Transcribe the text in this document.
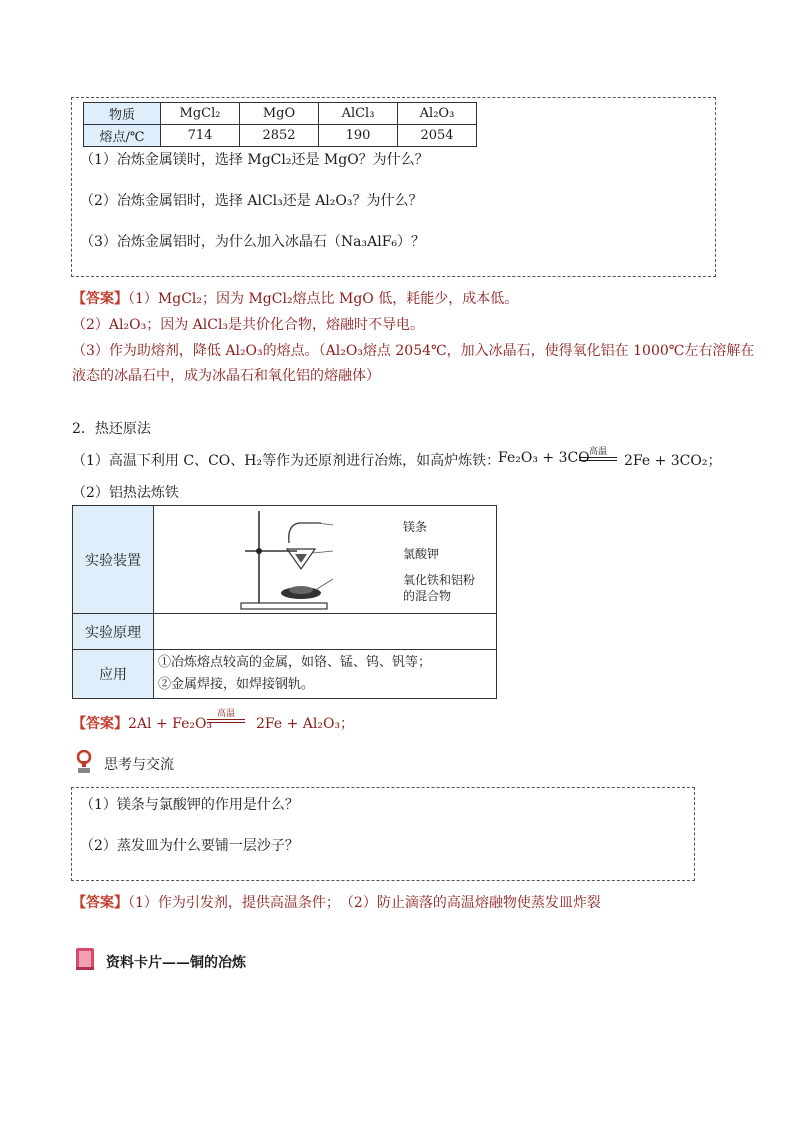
物质	MgCl₂	MgO	AlCl₃	Al₂O₃
熔点/℃	714	2852	190	2054
（1）冶炼金属镁时，选择 MgCl₂还是 MgO？为什么？
（2）冶炼金属铝时，选择 AlCl₃还是 Al₂O₃？为什么？
（3）冶炼金属铝时，为什么加入冰晶石（Na₃AlF₆）？
【答案】（1）MgCl₂；因为 MgCl₂熔点比 MgO 低，耗能少，成本低。
（2）Al₂O₃；因为 AlCl₃是共价化合物，熔融时不导电。
（3）作为助熔剂，降低 Al₂O₃的熔点。（Al₂O₃熔点 2054℃，加入冰晶石，使得氧化铝在 1000℃左右溶解在
液态的冰晶石中，成为冰晶石和氧化铝的熔融体）
2．热还原法
（1）高温下利用 C、CO、H₂等作为还原剂进行冶炼，如高炉炼铁：
Fe₂O₃ + 3CO 高温
2Fe + 3CO₂；
（2）铝热法炼铁
实验装置	镁条
氯酸钾
氧化铁和铝粉
的混合物

实验原理	
应用	①冶炼熔点较高的金属，如铬、锰、钨、钒等；
②金属焊接，如焊接钢轨。
【答案】2Al + Fe₂O₃
高温
2Fe + Al₂O₃；
思考与交流
（1）镁条与氯酸钾的作用是什么？
（2）蒸发皿为什么要铺一层沙子？
【答案】（1）作为引发剂，提供高温条件；　（2）防止滴落的高温熔融物使蒸发皿炸裂
资料卡片——铜的冶炼
